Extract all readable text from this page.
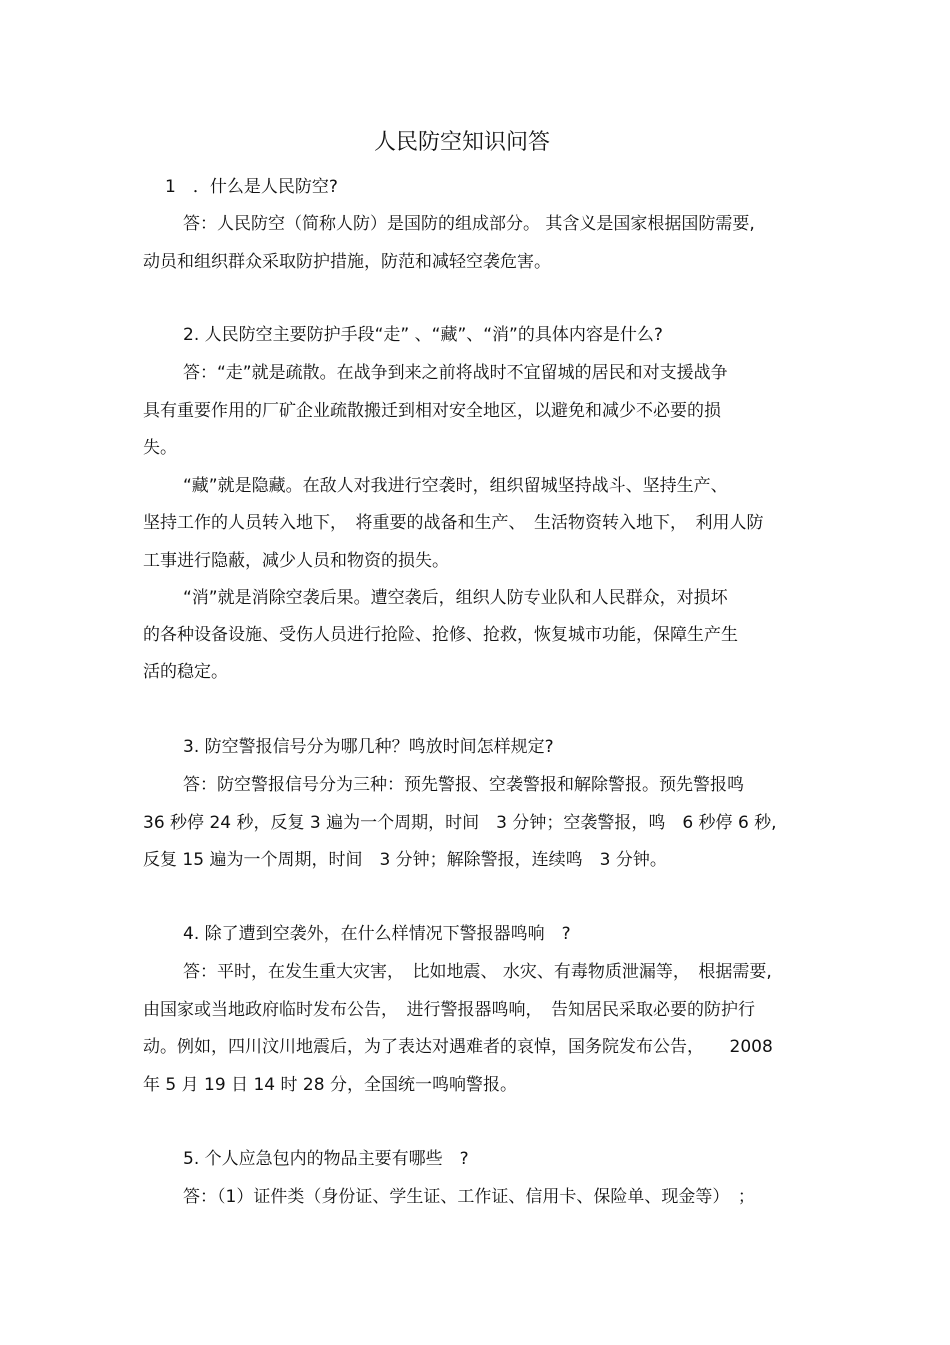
人民防空知识问答
1　．什么是人民防空?
答：人民防空（简称人防）是国防的组成部分。 其含义是国家根据国防需要,
动员和组织群众采取防护措施，防范和减轻空袭危害。
2. 人民防空主要防护手段“走” 、“藏”、“消”的具体内容是什么?
答：“走”就是疏散。在战争到来之前将战时不宜留城的居民和对支援战争
具有重要作用的厂矿企业疏散搬迁到相对安全地区，以避免和减少不必要的损
失。
“藏”就是隐藏。在敌人对我进行空袭时，组织留城坚持战斗、坚持生产、
坚持工作的人员转入地下，　将重要的战备和生产、　生活物资转入地下，　利用人防
工事进行隐蔽，减少人员和物资的损失。
“消”就是消除空袭后果。遭空袭后，组织人防专业队和人民群众，对损坏
的各种设备设施、受伤人员进行抢险、抢修、抢救，恢复城市功能，保障生产生
活的稳定。
3. 防空警报信号分为哪几种？鸣放时间怎样规定?
答：防空警报信号分为三种：预先警报、空袭警报和解除警报。预先警报鸣
36 秒停 24 秒，反复 3 遍为一个周期，时间　3 分钟；空袭警报，鸣　6 秒停 6 秒,
反复 15 遍为一个周期，时间　3 分钟；解除警报，连续鸣　3 分钟。
4. 除了遭到空袭外，在什么样情况下警报器鸣响　?
答：平时，在发生重大灾害，　比如地震、 水灾、有毒物质泄漏等，　根据需要,
由国家或当地政府临时发布公告，　进行警报器鸣响，　告知居民采取必要的防护行
动。例如，四川汶川地震后，为了表达对遇难者的哀悼，国务院发布公告，　　2008
年 5 月 19 日 14 时 28 分，全国统一鸣响警报。
5. 个人应急包内的物品主要有哪些　?
答：（1）证件类（身份证、学生证、工作证、信用卡、保险单、现金等）　；
